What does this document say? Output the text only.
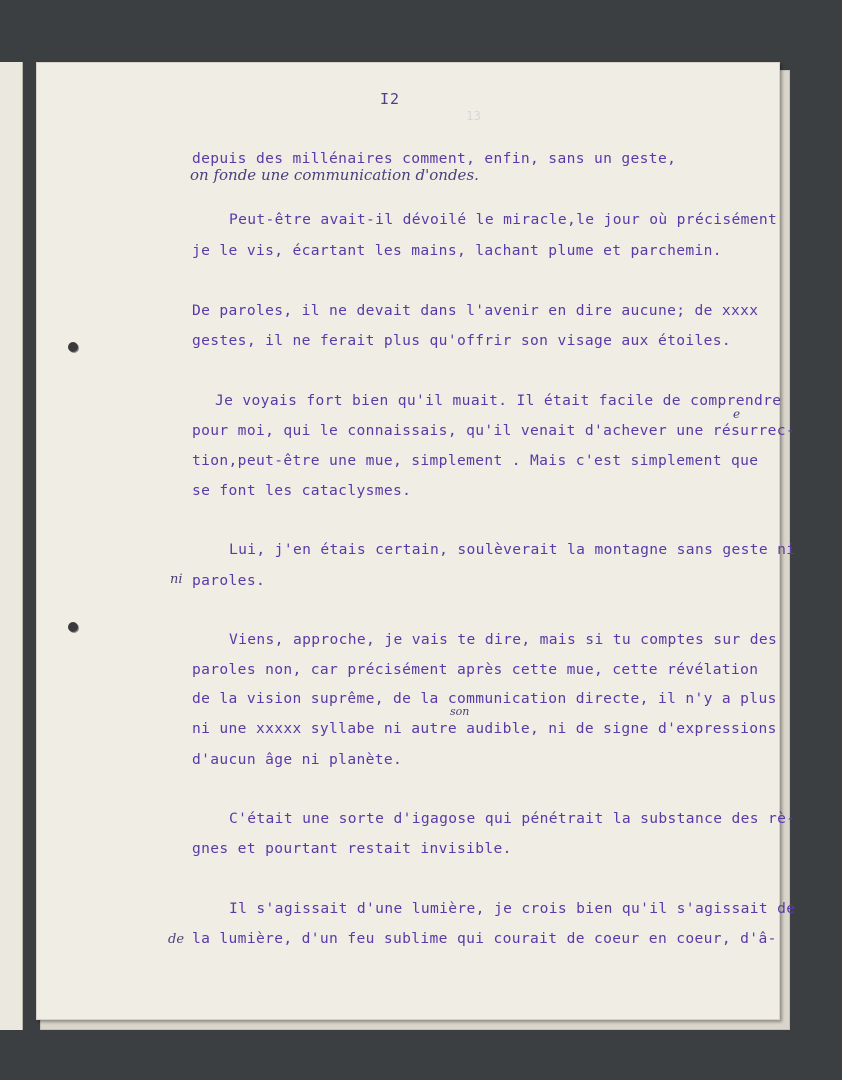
13
I2
depuis des millénaires comment, enfin, sans un geste,
on fonde une communication d'ondes.
Peut-être avait-il dévoilé le miracle,le jour où précisément
je le vis, écartant les mains, lachant plume et parchemin.
De paroles, il ne devait dans l'avenir en dire aucune; de xxxx
gestes, il ne ferait plus qu'offrir son visage aux étoiles.
Je voyais fort bien qu'il muait. Il était facile de comprendre
e
pour moi, qui le connaissais, qu'il venait d'achever une résurrec-
tion,peut-être une mue, simplement . Mais c'est simplement que
se font les cataclysmes.
Lui, j'en étais certain, soulèverait la montagne sans geste ni
ni paroles.
Viens, approche, je vais te dire, mais si tu comptes sur des
paroles non, car précisément après cette mue, cette révélation
de la vision suprême, de la communication directe, il n'y a plus
son
ni une xxxxx syllabe ni autre audible, ni de signe d'expressions
d'aucun âge ni planète.
C'était une sorte d'igagose qui pénétrait la substance des rè-
gnes et pourtant restait invisible.
Il s'agissait d'une lumière, je crois bien qu'il s'agissait de
de la lumière, d'un feu sublime qui courait de coeur en coeur, d'â-
